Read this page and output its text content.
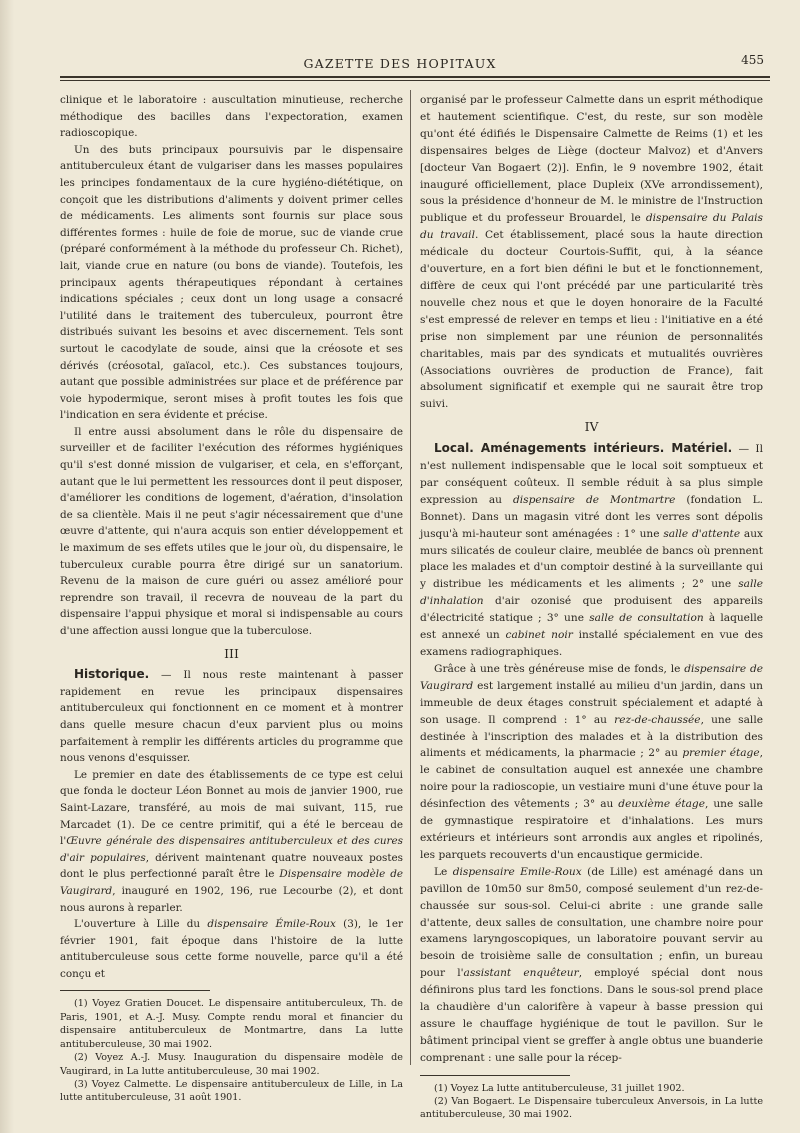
GAZETTE DES HOPITAUX	455

clinique et le laboratoire : auscultation minutieuse, recherche méthodique des bacilles dans l'expectoration, examen radioscopique.

Un des buts principaux poursuivis par le dispensaire antituberculeux étant de vulgariser dans les masses populaires les principes fondamentaux de la cure hygiéno-diététique, on conçoit que les distributions d'aliments y doivent primer celles de médicaments. Les aliments sont fournis sur place sous différentes formes : huile de foie de morue, suc de viande crue (préparé conformément à la méthode du professeur Ch. Richet), lait, viande crue en nature (ou bons de viande). Toutefois, les principaux agents thérapeutiques répondant à certaines indications spéciales ; ceux dont un long usage a consacré l'utilité dans le traitement des tuberculeux, pourront être distribués suivant les besoins et avec discernement. Tels sont surtout le cacodylate de soude, ainsi que la créosote et ses dérivés (créosotal, gaïacol, etc.). Ces substances toujours, autant que possible administrées sur place et de préférence par voie hypodermique, seront mises à profit toutes les fois que l'indication en sera évidente et précise.

Il entre aussi absolument dans le rôle du dispensaire de surveiller et de faciliter l'exécution des réformes hygiéniques qu'il s'est donné mission de vulgariser, et cela, en s'efforçant, autant que le lui permettent les ressources dont il peut disposer, d'améliorer les conditions de logement, d'aération, d'insolation de sa clientèle. Mais il ne peut s'agir nécessairement que d'une œuvre d'attente, qui n'aura acquis son entier développement et le maximum de ses effets utiles que le jour où, du dispensaire, le tuberculeux curable pourra être dirigé sur un sanatorium. Revenu de la maison de cure guéri ou assez amélioré pour reprendre son travail, il recevra de nouveau de la part du dispensaire l'appui physique et moral si indispensable au cours d'une affection aussi longue que la tuberculose.

III

Historique. — Il nous reste maintenant à passer rapidement en revue les principaux dispensaires antituberculeux qui fonctionnent en ce moment et à montrer dans quelle mesure chacun d'eux parvient plus ou moins parfaitement à remplir les différents articles du programme que nous venons d'esquisser.

Le premier en date des établissements de ce type est celui que fonda le docteur Léon Bonnet au mois de janvier 1900, rue Saint-Lazare, transféré, au mois de mai suivant, 115, rue Marcadet (1). De ce centre primitif, qui a été le berceau de l'Œuvre générale des dispensaires antituberculeux et des cures d'air populaires, dérivent maintenant quatre nouveaux postes dont le plus perfectionné paraît être le Dispensaire modèle de Vaugirard, inauguré en 1902, 196, rue Lecourbe (2), et dont nous aurons à reparler.

L'ouverture à Lille du dispensaire Émile-Roux (3), le 1er février 1901, fait époque dans l'histoire de la lutte antituberculeuse sous cette forme nouvelle, parce qu'il a été conçu et

(1) Voyez Gratien Doucet. Le dispensaire antituberculeux, Th. de Paris, 1901, et A.-J. Musy. Compte rendu moral et financier du dispensaire antituberculeux de Montmartre, dans La lutte antituberculeuse, 30 mai 1902.

(2) Voyez A.-J. Musy. Inauguration du dispensaire modèle de Vaugirard, in La lutte antituberculeuse, 30 mai 1902.

(3) Voyez Calmette. Le dispensaire antituberculeux de Lille, in La lutte antituberculeuse, 31 août 1901.

organisé par le professeur Calmette dans un esprit méthodique et hautement scientifique. C'est, du reste, sur son modèle qu'ont été édifiés le Dispensaire Calmette de Reims (1) et les dispensaires belges de Liège (docteur Malvoz) et d'Anvers [docteur Van Bogaert (2)]. Enfin, le 9 novembre 1902, était inauguré officiellement, place Dupleix (XVe arrondissement), sous la présidence d'honneur de M. le ministre de l'Instruction publique et du professeur Brouardel, le dispensaire du Palais du travail. Cet établissement, placé sous la haute direction médicale du docteur Courtois-Suffit, qui, à la séance d'ouverture, en a fort bien défini le but et le fonctionnement, diffère de ceux qui l'ont précédé par une particularité très nouvelle chez nous et que le doyen honoraire de la Faculté s'est empressé de relever en temps et lieu : l'initiative en a été prise non simplement par une réunion de personnalités charitables, mais par des syndicats et mutualités ouvrières (Associations ouvrières de production de France), fait absolument significatif et exemple qui ne saurait être trop suivi.

IV

Local. Aménagements intérieurs. Matériel. — Il n'est nullement indispensable que le local soit somptueux et par conséquent coûteux. Il semble réduit à sa plus simple expression au dispensaire de Montmartre (fondation L. Bonnet). Dans un magasin vitré dont les verres sont dépolis jusqu'à mi-hauteur sont aménagées : 1° une salle d'attente aux murs silicatés de couleur claire, meublée de bancs où prennent place les malades et d'un comptoir destiné à la surveillante qui y distribue les médicaments et les aliments ; 2° une salle d'inhalation d'air ozonisé que produisent des appareils d'électricité statique ; 3° une salle de consultation à laquelle est annexé un cabinet noir installé spécialement en vue des examens radiographiques.

Grâce à une très généreuse mise de fonds, le dispensaire de Vaugirard est largement installé au milieu d'un jardin, dans un immeuble de deux étages construit spécialement et adapté à son usage. Il comprend : 1° au rez-de-chaussée, une salle destinée à l'inscription des malades et à la distribution des aliments et médicaments, la pharmacie ; 2° au premier étage, le cabinet de consultation auquel est annexée une chambre noire pour la radioscopie, un vestiaire muni d'une étuve pour la désinfection des vêtements ; 3° au deuxième étage, une salle de gymnastique respiratoire et d'inhalations. Les murs extérieurs et intérieurs sont arrondis aux angles et ripolinés, les parquets recouverts d'un encaustique germicide.

Le dispensaire Emile-Roux (de Lille) est aménagé dans un pavillon de 10m50 sur 8m50, composé seulement d'un rez-de-chaussée sur sous-sol. Celui-ci abrite : une grande salle d'attente, deux salles de consultation, une chambre noire pour examens laryngoscopiques, un laboratoire pouvant servir au besoin de troisième salle de consultation ; enfin, un bureau pour l'assistant enquêteur, employé spécial dont nous définirons plus tard les fonctions. Dans le sous-sol prend place la chaudière d'un calorifère à vapeur à basse pression qui assure le chauffage hygiénique de tout le pavillon. Sur le bâtiment principal vient se greffer à angle obtus une buanderie comprenant : une salle pour la récep-

(1) Voyez La lutte antituberculeuse, 31 juillet 1902.

(2) Van Bogaert. Le Dispensaire tuberculeux Anversois, in La lutte antituberculeuse, 30 mai 1902.
